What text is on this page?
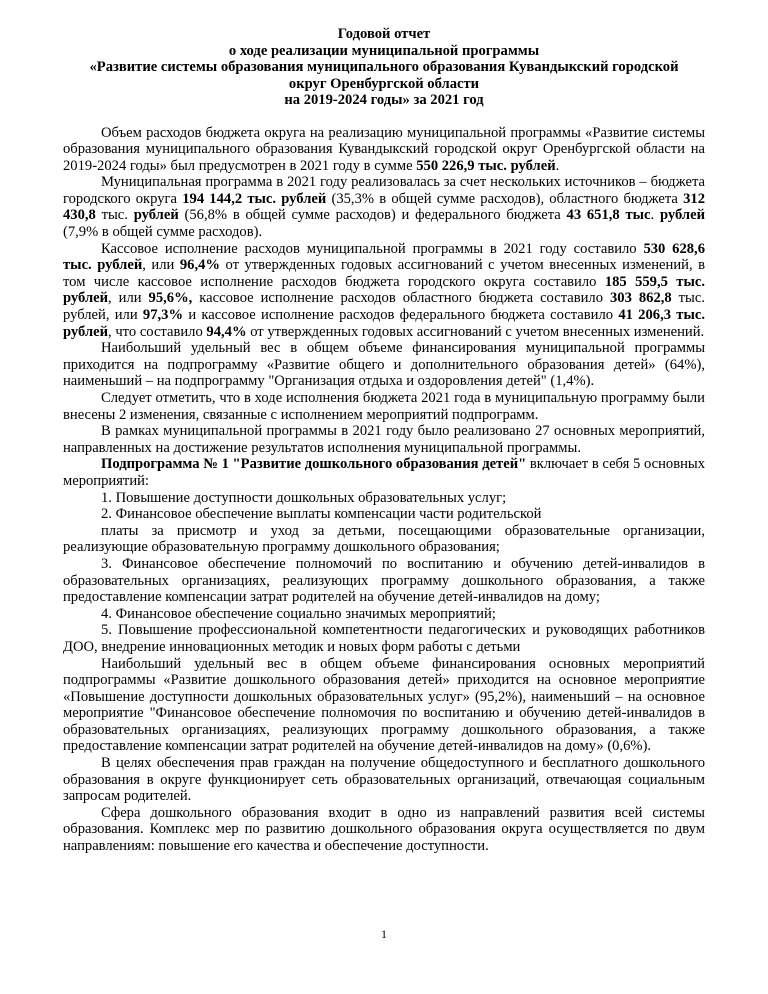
Годовой отчет
о ходе реализации муниципальной программы
«Развитие системы образования муниципального образования Кувандыкский городской
округ Оренбургской области
на 2019-2024 годы» за 2021 год

Объем расходов бюджета округа на реализацию муниципальной программы «Развитие системы образования муниципального образования Кувандыкский городской округ Оренбургской области на 2019-2024 годы» был предусмотрен в 2021 году в сумме 550 226,9 тыс. рублей.

Муниципальная программа в 2021 году реализовалась за счет нескольких источников – бюджета городского округа 194 144,2 тыс. рублей (35,3% в общей сумме расходов), областного бюджета 312 430,8 тыс. рублей (56,8% в общей сумме расходов) и федерального бюджета 43 651,8 тыс. рублей (7,9% в общей сумме расходов).

Кассовое исполнение расходов муниципальной программы в 2021 году составило 530 628,6 тыс. рублей, или 96,4% от утвержденных годовых ассигнований с учетом внесенных изменений, в том числе кассовое исполнение расходов бюджета городского округа составило 185 559,5 тыс. рублей, или 95,6%, кассовое исполнение расходов областного бюджета составило 303 862,8 тыс. рублей, или 97,3% и кассовое исполнение расходов федерального бюджета составило 41 206,3 тыс. рублей, что составило 94,4% от утвержденных годовых ассигнований с учетом внесенных изменений.

Наибольший удельный вес в общем объеме финансирования муниципальной программы приходится на подпрограмму «Развитие общего и дополнительного образования детей» (64%), наименьший – на подпрограмму "Организация отдыха и оздоровления детей" (1,4%).

Следует отметить, что в ходе исполнения бюджета 2021 года в муниципальную программу были внесены 2 изменения, связанные с исполнением мероприятий подпрограмм.

В рамках муниципальной программы в 2021 году было реализовано 27 основных мероприятий, направленных на достижение результатов исполнения муниципальной программы.

Подпрограмма № 1 "Развитие дошкольного образования детей" включает в себя 5 основных мероприятий:

1. Повышение доступности дошкольных образовательных услуг;

2. Финансовое обеспечение выплаты компенсации части родительской

платы за присмотр и уход за детьми, посещающими образовательные организации, реализующие образовательную программу дошкольного образования;

3. Финансовое обеспечение полномочий по воспитанию и обучению детей-инвалидов в образовательных организациях, реализующих программу дошкольного образования, а также предоставление компенсации затрат родителей на обучение детей-инвалидов на дому;

4. Финансовое обеспечение социально значимых мероприятий;

5. Повышение профессиональной компетентности педагогических и руководящих работников ДОО, внедрение инновационных методик и новых форм работы с детьми

Наибольший удельный вес в общем объеме финансирования основных мероприятий подпрограммы «Развитие дошкольного образования детей» приходится на основное мероприятие «Повышение доступности дошкольных образовательных услуг» (95,2%), наименьший – на основное мероприятие "Финансовое обеспечение полномочия по воспитанию и обучению детей-инвалидов в образовательных организациях, реализующих программу дошкольного образования, а также предоставление компенсации затрат родителей на обучение детей-инвалидов на дому» (0,6%).

В целях обеспечения прав граждан на получение общедоступного и бесплатного дошкольного образования в округе функционирует сеть образовательных организаций, отвечающая социальным запросам родителей.

Сфера дошкольного образования входит в одно из направлений развития всей системы образования. Комплекс мер по развитию дошкольного образования округа осуществляется по двум направлениям: повышение его качества и обеспечение доступности.

1
